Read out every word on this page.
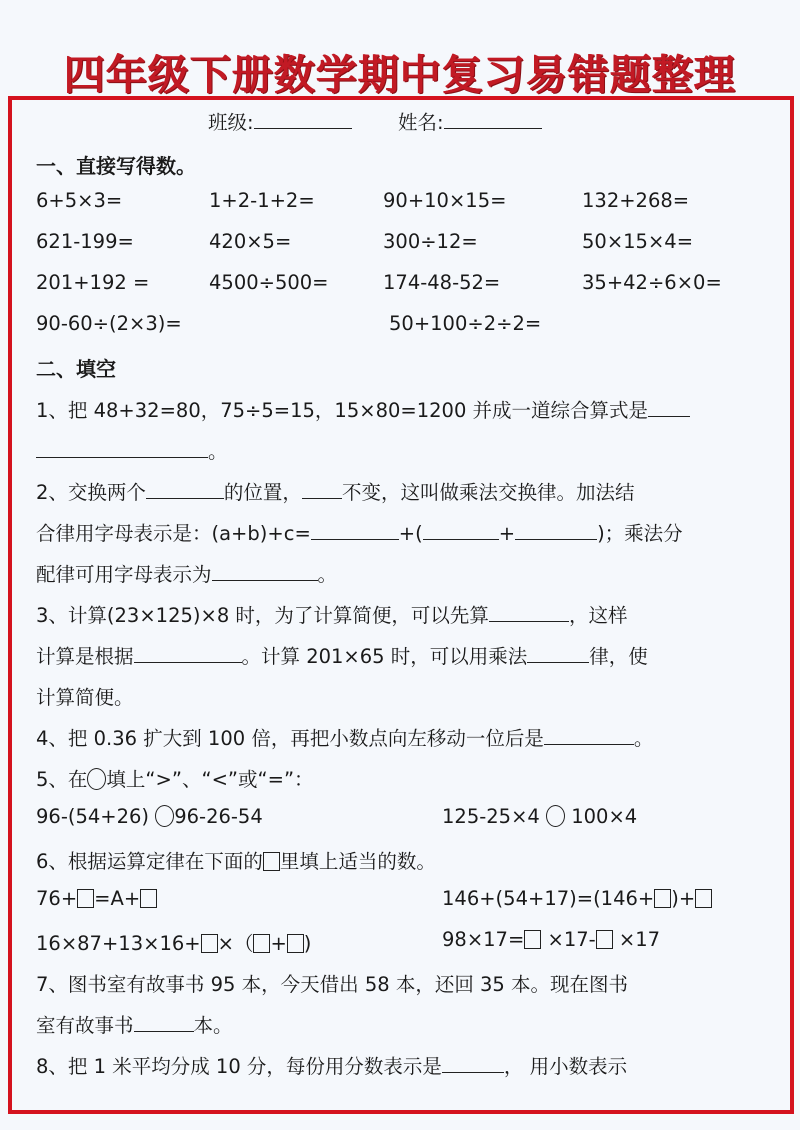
四年级下册数学期中复习易错题整理
班级:	姓名:
一、直接写得数。
6+5×3=	1+2-1+2=	90+10×15=	132+268=
621-199=	420×5=	300÷12=	50×15×4=
201+192 =	4500÷500=	174-48-52=	35+42÷6×0=
90-60÷(2×3)=	50+100÷2÷2=
二、填空
1、把 48+32=80，75÷5=15，15×80=1200 并成一道综合算式是
。
2、交换两个	的位置， 不变，这叫做乘法交换律。加法结
合律用字母表示是：(a+b)+c=	+(	+	)；乘法分
配律可用字母表示为	。
3、计算(23×125)×8 时，为了计算简便，可以先算	，这样
计算是根据	。计算 201×65 时，可以用乘法	律，使
计算简便。
4、把 0.36 扩大到 100 倍，再把小数点向左移动一位后是	。
5、在 填上“>”、“<”或“=”：
96-(54+26) 96-26-54	125-25×4 100×4
6、根据运算定律在下面的 里填上适当的数。
76+ =A+	146+(54+17)=(146+ )+
16×87+13×16+ ×（ + )	98×17= ×17- ×17
7、图书室有故事书 95 本，今天借出 58 本，还回 35 本。现在图书
室有故事书	本。
8、把 1 米平均分成 10 分，每份用分数表示是	， 用小数表示
